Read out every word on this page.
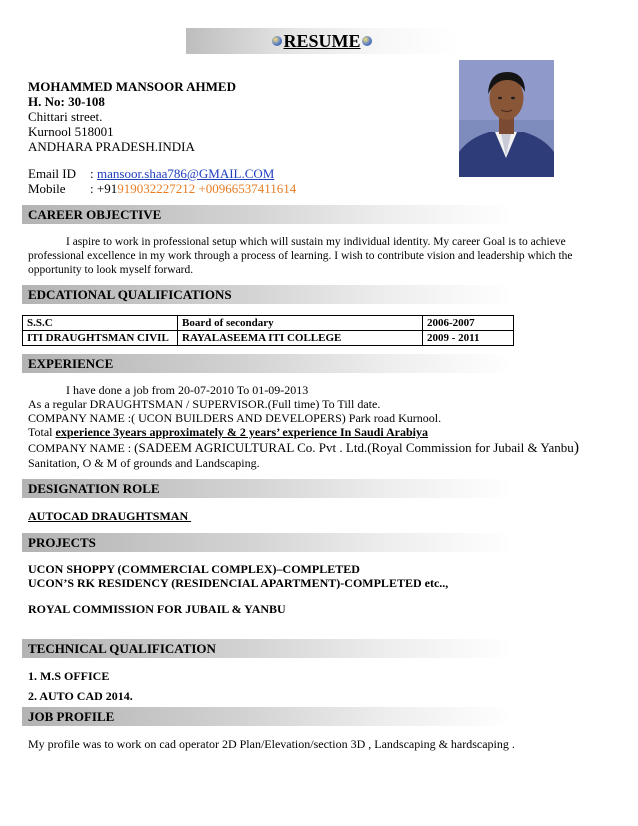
RESUME
MOHAMMED MANSOOR AHMED
H. No: 30-108
Chittari street.
Kurnool 518001
ANDHARA PRADESH.INDIA
Email ID : mansoor.shaa786@GMAIL.COM
Mobile : +91919032227212 +00966537411614
CAREER OBJECTIVE
I aspire to work in professional setup which will sustain my individual identity. My career Goal is to achieve professional excellence in my work through a process of learning. I wish to contribute vision and leadership which the opportunity to look myself forward.
EDCATIONAL QUALIFICATIONS
S.S.C	Board of secondary	2006-2007
ITI DRAUGHTSMAN CIVIL	RAYALASEEMA ITI COLLEGE	2009 - 2011
EXPERIENCE
I have done a job from 20-07-2010 To 01-09-2013
As a regular DRAUGHTSMAN / SUPERVISOR.(Full time) To Till date.
COMPANY NAME :( UCON BUILDERS AND DEVELOPERS) Park road Kurnool.
Total experience 3years approximately & 2 years’ experience In Saudi Arabiya
COMPANY NAME : (SADEEM AGRICULTURAL Co. Pvt . Ltd.(Royal Commission for Jubail & Yanbu)
Sanitation, O & M of grounds and Landscaping.
DESIGNATION ROLE
AUTOCAD DRAUGHTSMAN
PROJECTS
UCON SHOPPY (COMMERCIAL COMPLEX)–COMPLETED
UCON’S RK RESIDENCY (RESIDENCIAL APARTMENT)-COMPLETED etc..,
ROYAL COMMISSION FOR JUBAIL & YANBU
TECHNICAL QUALIFICATION
1. M.S OFFICE
2. AUTO CAD 2014.
JOB PROFILE
My profile was to work on cad operator 2D Plan/Elevation/section 3D , Landscaping & hardscaping .
